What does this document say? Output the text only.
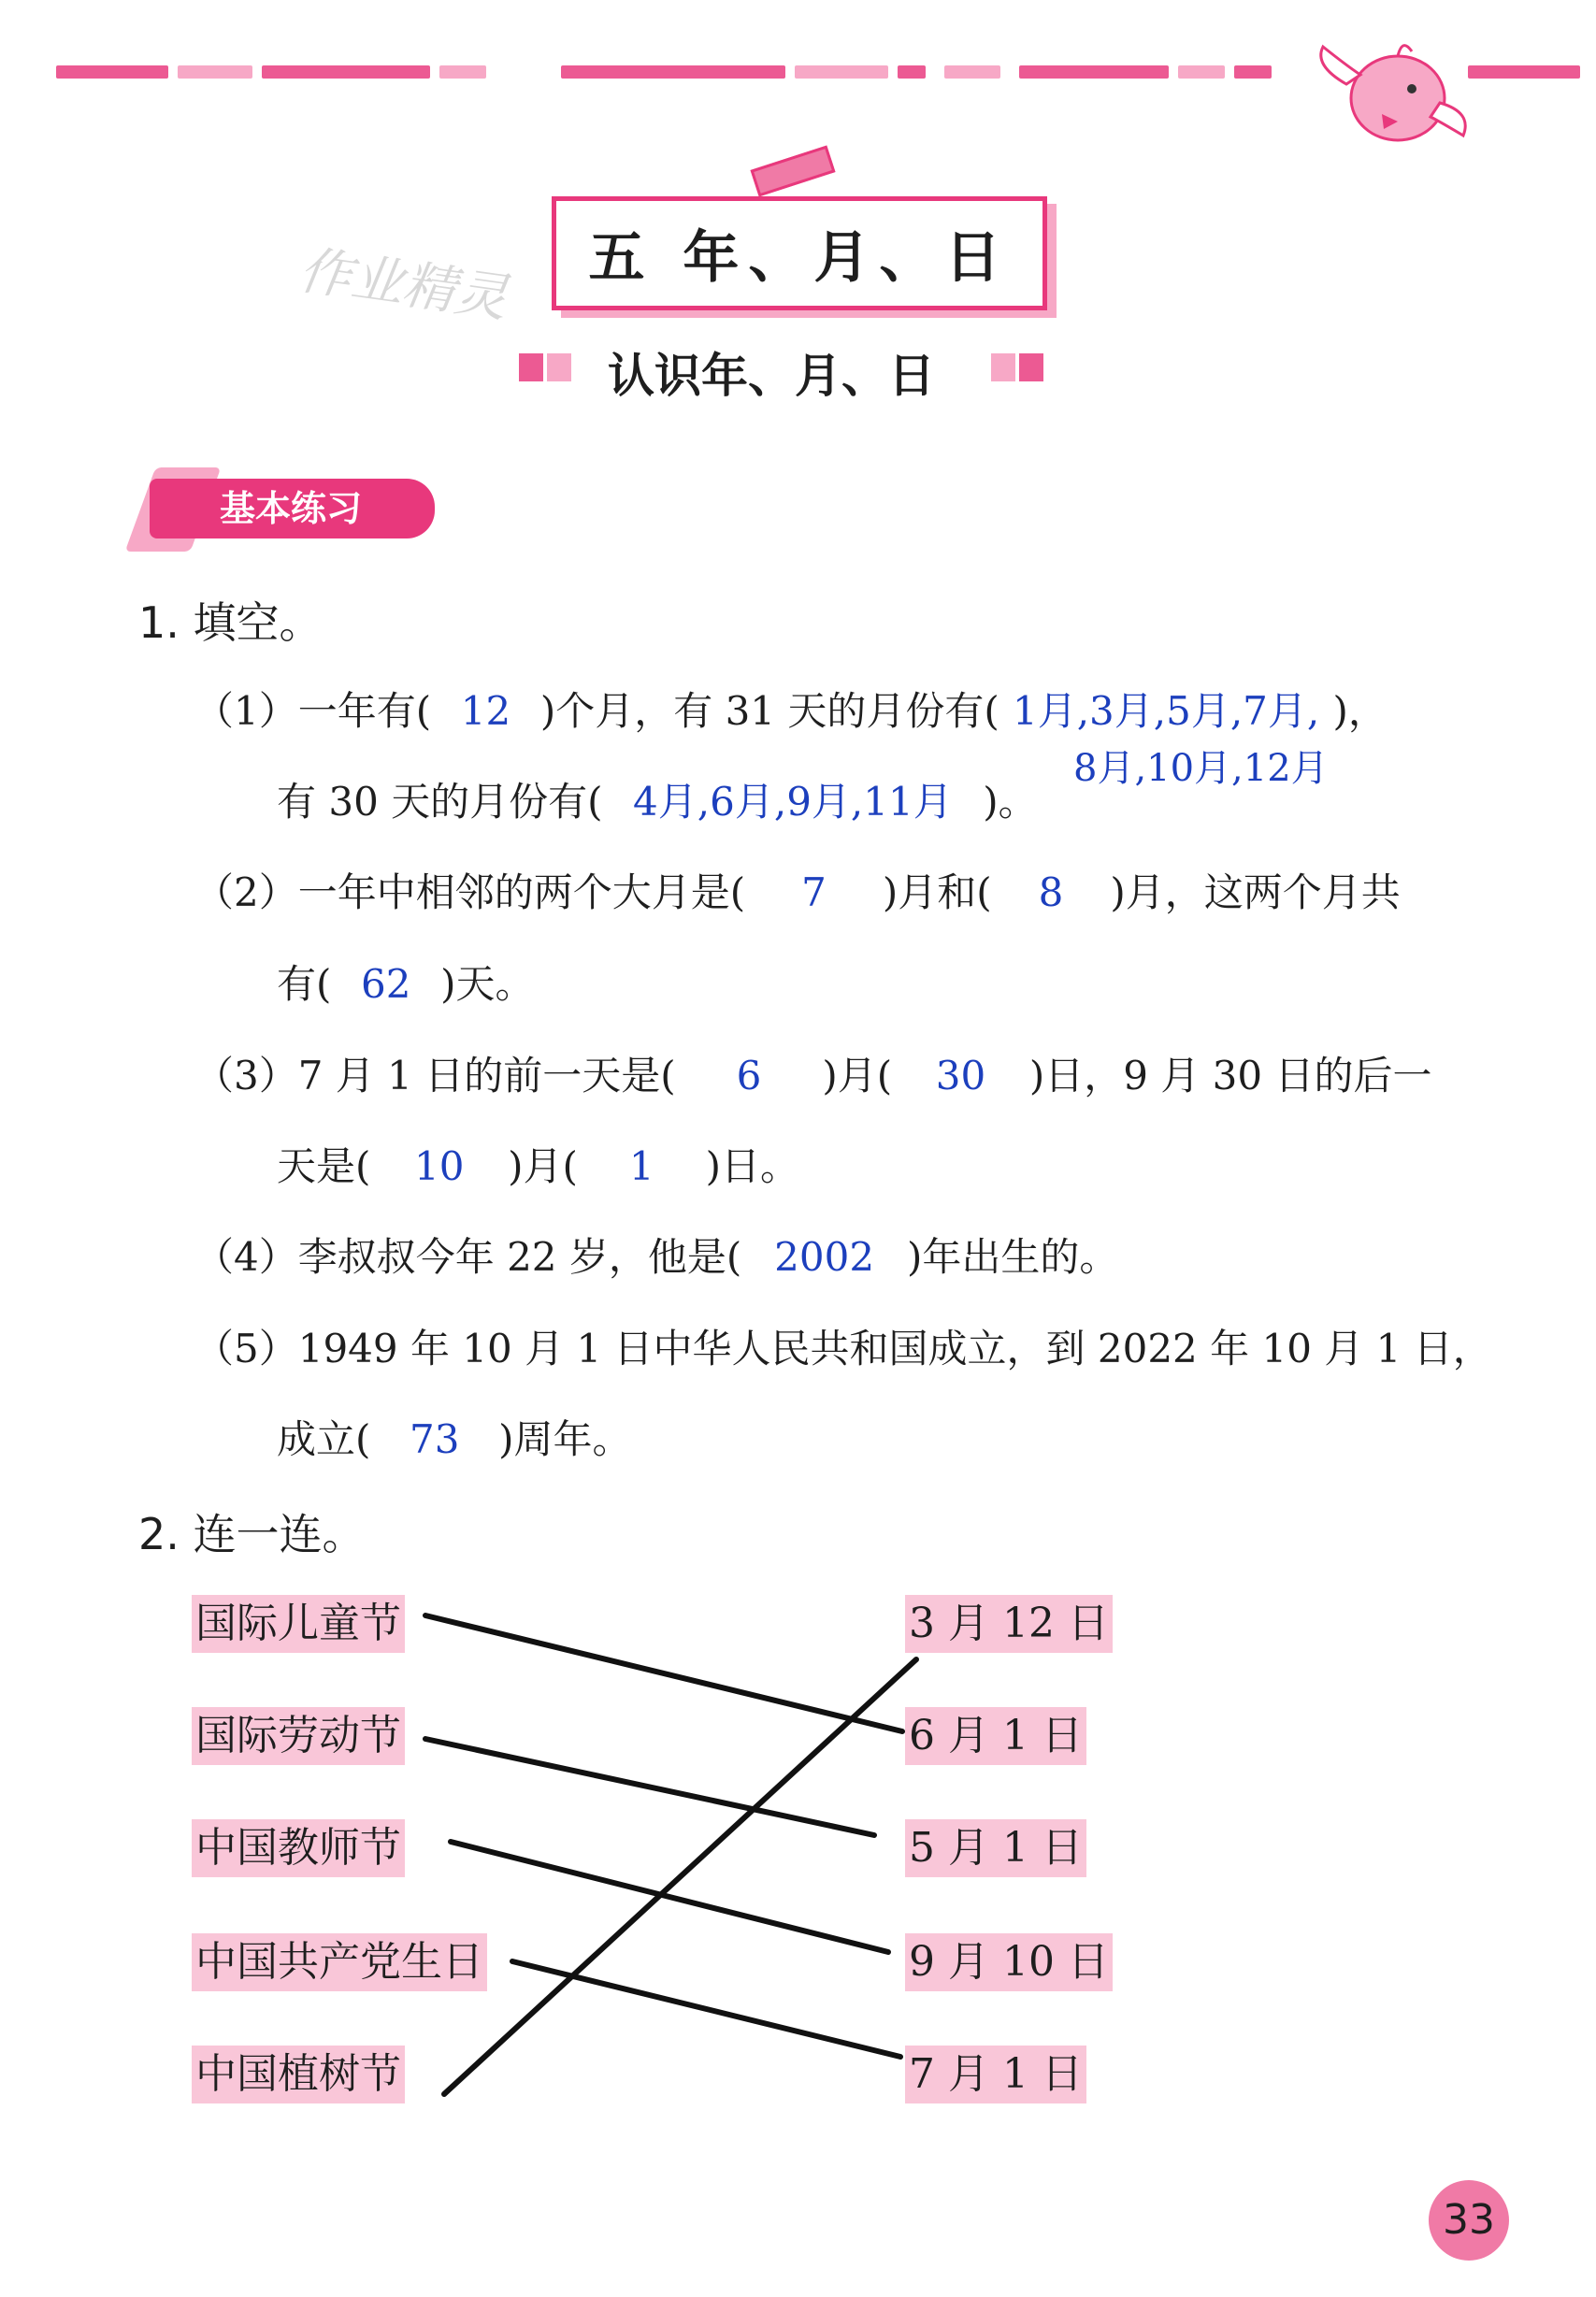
作业精灵	五 年、月、日
认识年、月、日
基本练习
1. 填空。
（1）一年有( 12 )个月，有 31 天的月份有( 1月,3月,5月,7月, )，
8月,10月,12月
有 30 天的月份有( 4月,6月,9月,11月 )。
（2）一年中相邻的两个大月是( 7 )月和( 8 )月，这两个月共
有( 62 )天。
（3）7 月 1 日的前一天是( 6 )月( 30 )日，9 月 30 日的后一
天是( 10 )月( 1 )日。
（4）李叔叔今年 22 岁，他是( 2002 )年出生的。
（5）1949 年 10 月 1 日中华人民共和国成立，到 2022 年 10 月 1 日，
成立( 73 )周年。
2. 连一连。
国际儿童节
国际劳动节
中国教师节
中国共产党生日
中国植树节
3 月 12 日
6 月 1 日
5 月 1 日
9 月 10 日
7 月 1 日
33
